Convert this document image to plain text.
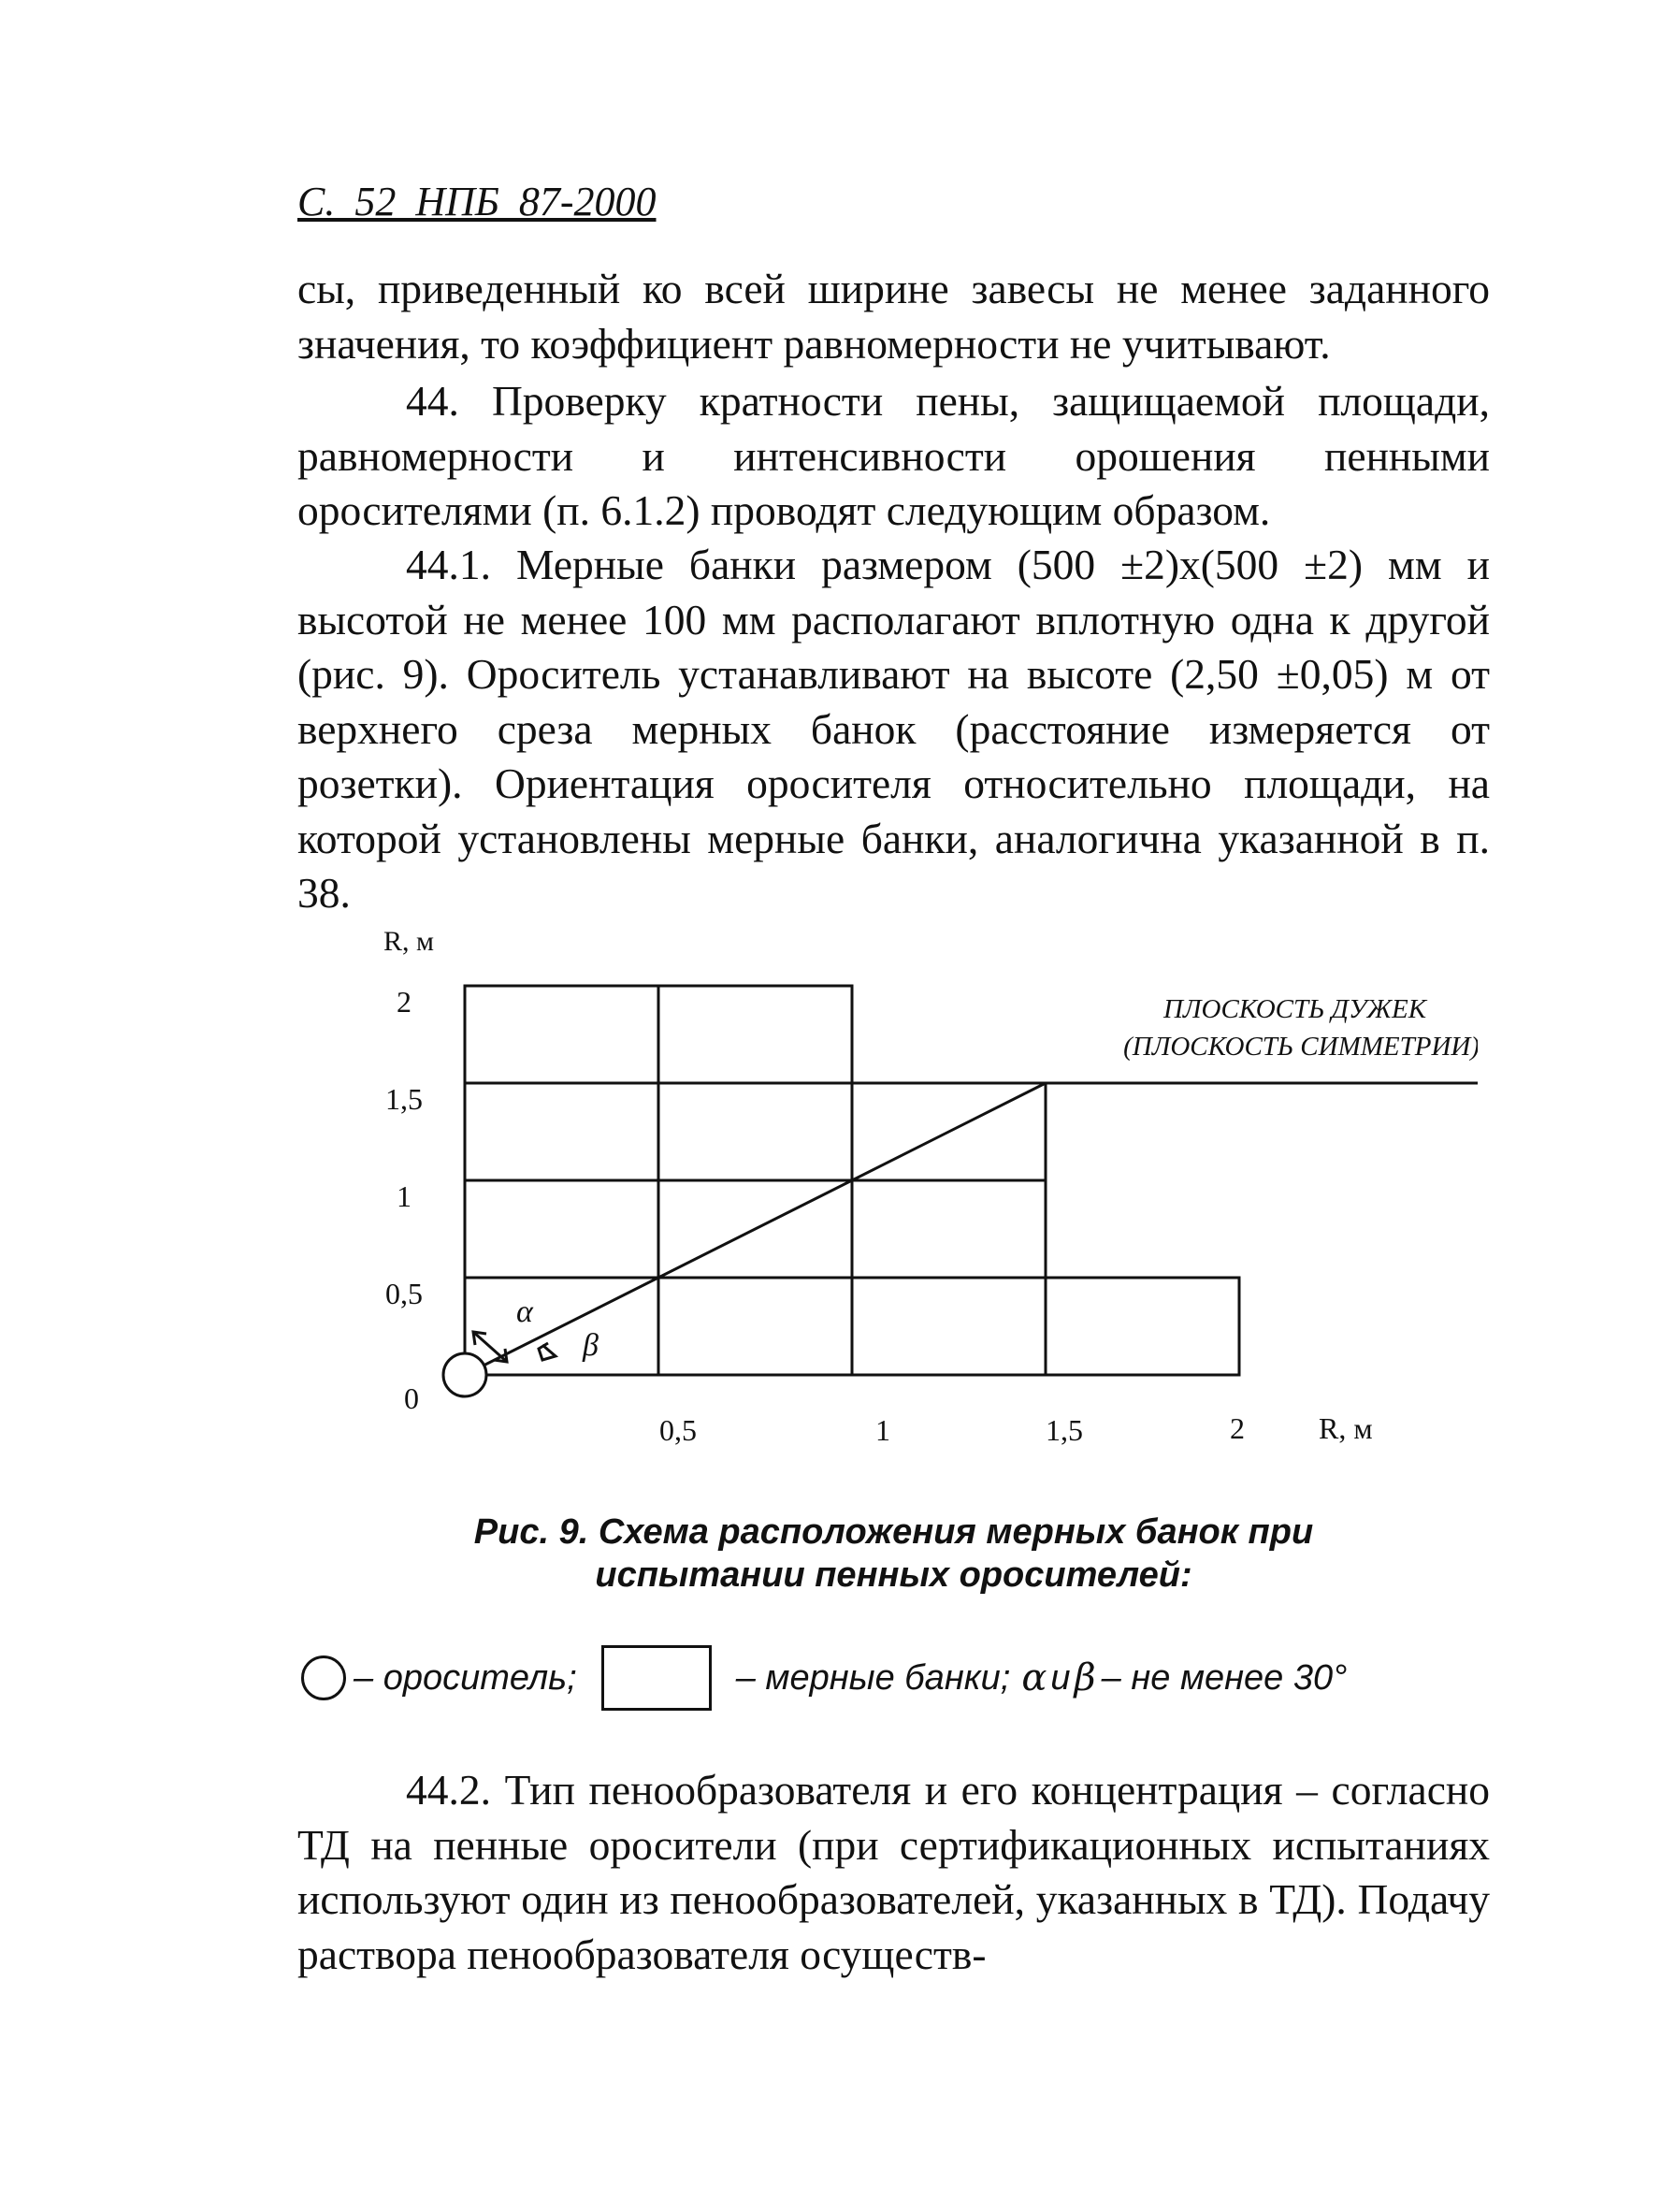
С. 52 НПБ 87-2000

сы, приведенный ко всей ширине завесы не менее заданного значения, то коэффициент равномерности не учитывают.

44. Проверку кратности пены, защищаемой площади, равномерности и интенсивности орошения пенными оросителями (п. 6.1.2) проводят следующим образом.

44.1. Мерные банки размером (500 ±2)x(500 ±2) мм и высотой не менее 100 мм располагают вплотную одна к другой (рис. 9). Ороситель устанавливают на высоте (2,50 ±0,05) м от верхнего среза мерных банок (расстояние измеряется от розетки). Ориентация оросителя относительно площади, на которой установлены мерные банки, аналогична указанной в п. 38.

α
β
R, м
2
1,5
1
0,5
0
0,5	1	1,5	2 R, м
ПЛОСКОСТЬ ДУЖЕК
(ПЛОСКОСТЬ СИММЕТРИИ)
Рис. 9. Схема расположения мерных банок при
испытании пенных оросителей:
– ороситель;	– мерные банки; α и β – не менее 30°

44.2. Тип пенообразователя и его концентрация – согласно ТД на пенные оросители (при сертификационных испытаниях используют один из пенообразователей, указанных в ТД). Подачу раствора пенообразователя осуществ-
